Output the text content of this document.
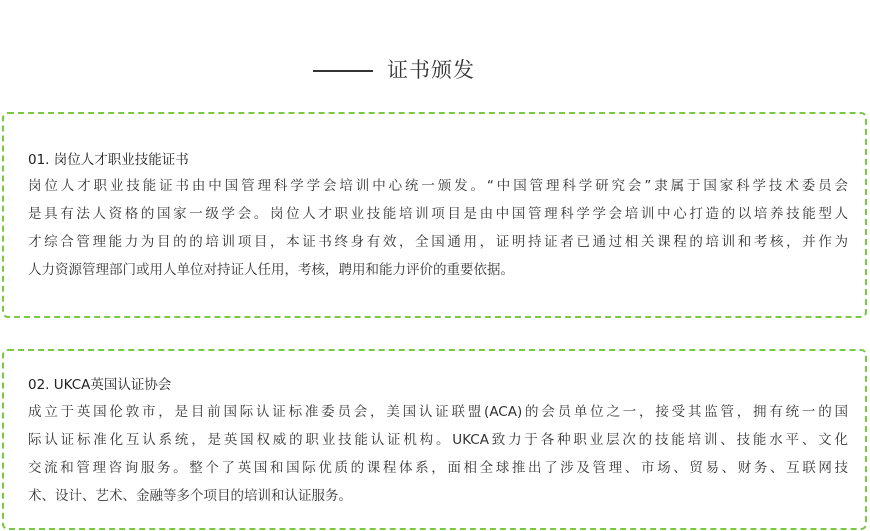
证书颁发
01. 岗位人才职业技能证书
岗位人才职业技能证书由中国管理科学学会培训中心统一颁发。“中国管理科学研究会”隶属于国家科学技术委员会
是具有法人资格的国家一级学会。岗位人才职业技能培训项目是由中国管理科学学会培训中心打造的以培养技能型人
才综合管理能力为目的的培训项目，本证书终身有效，全国通用，证明持证者已通过相关课程的培训和考核，并作为
人力资源管理部门或用人单位对持证人任用，考核，聘用和能力评价的重要依据。
02. UKCA英国认证协会
成立于英国伦敦市，是目前国际认证标准委员会，美国认证联盟(ACA)的会员单位之一，接受其监管，拥有统一的国
际认证标准化互认系统，是英国权威的职业技能认证机构。UKCA致力于各种职业层次的技能培训、技能水平、文化
交流和管理咨询服务。整个了英国和国际优质的课程体系，面相全球推出了涉及管理、市场、贸易、财务、互联网技
术、设计、艺术、金融等多个项目的培训和认证服务。
